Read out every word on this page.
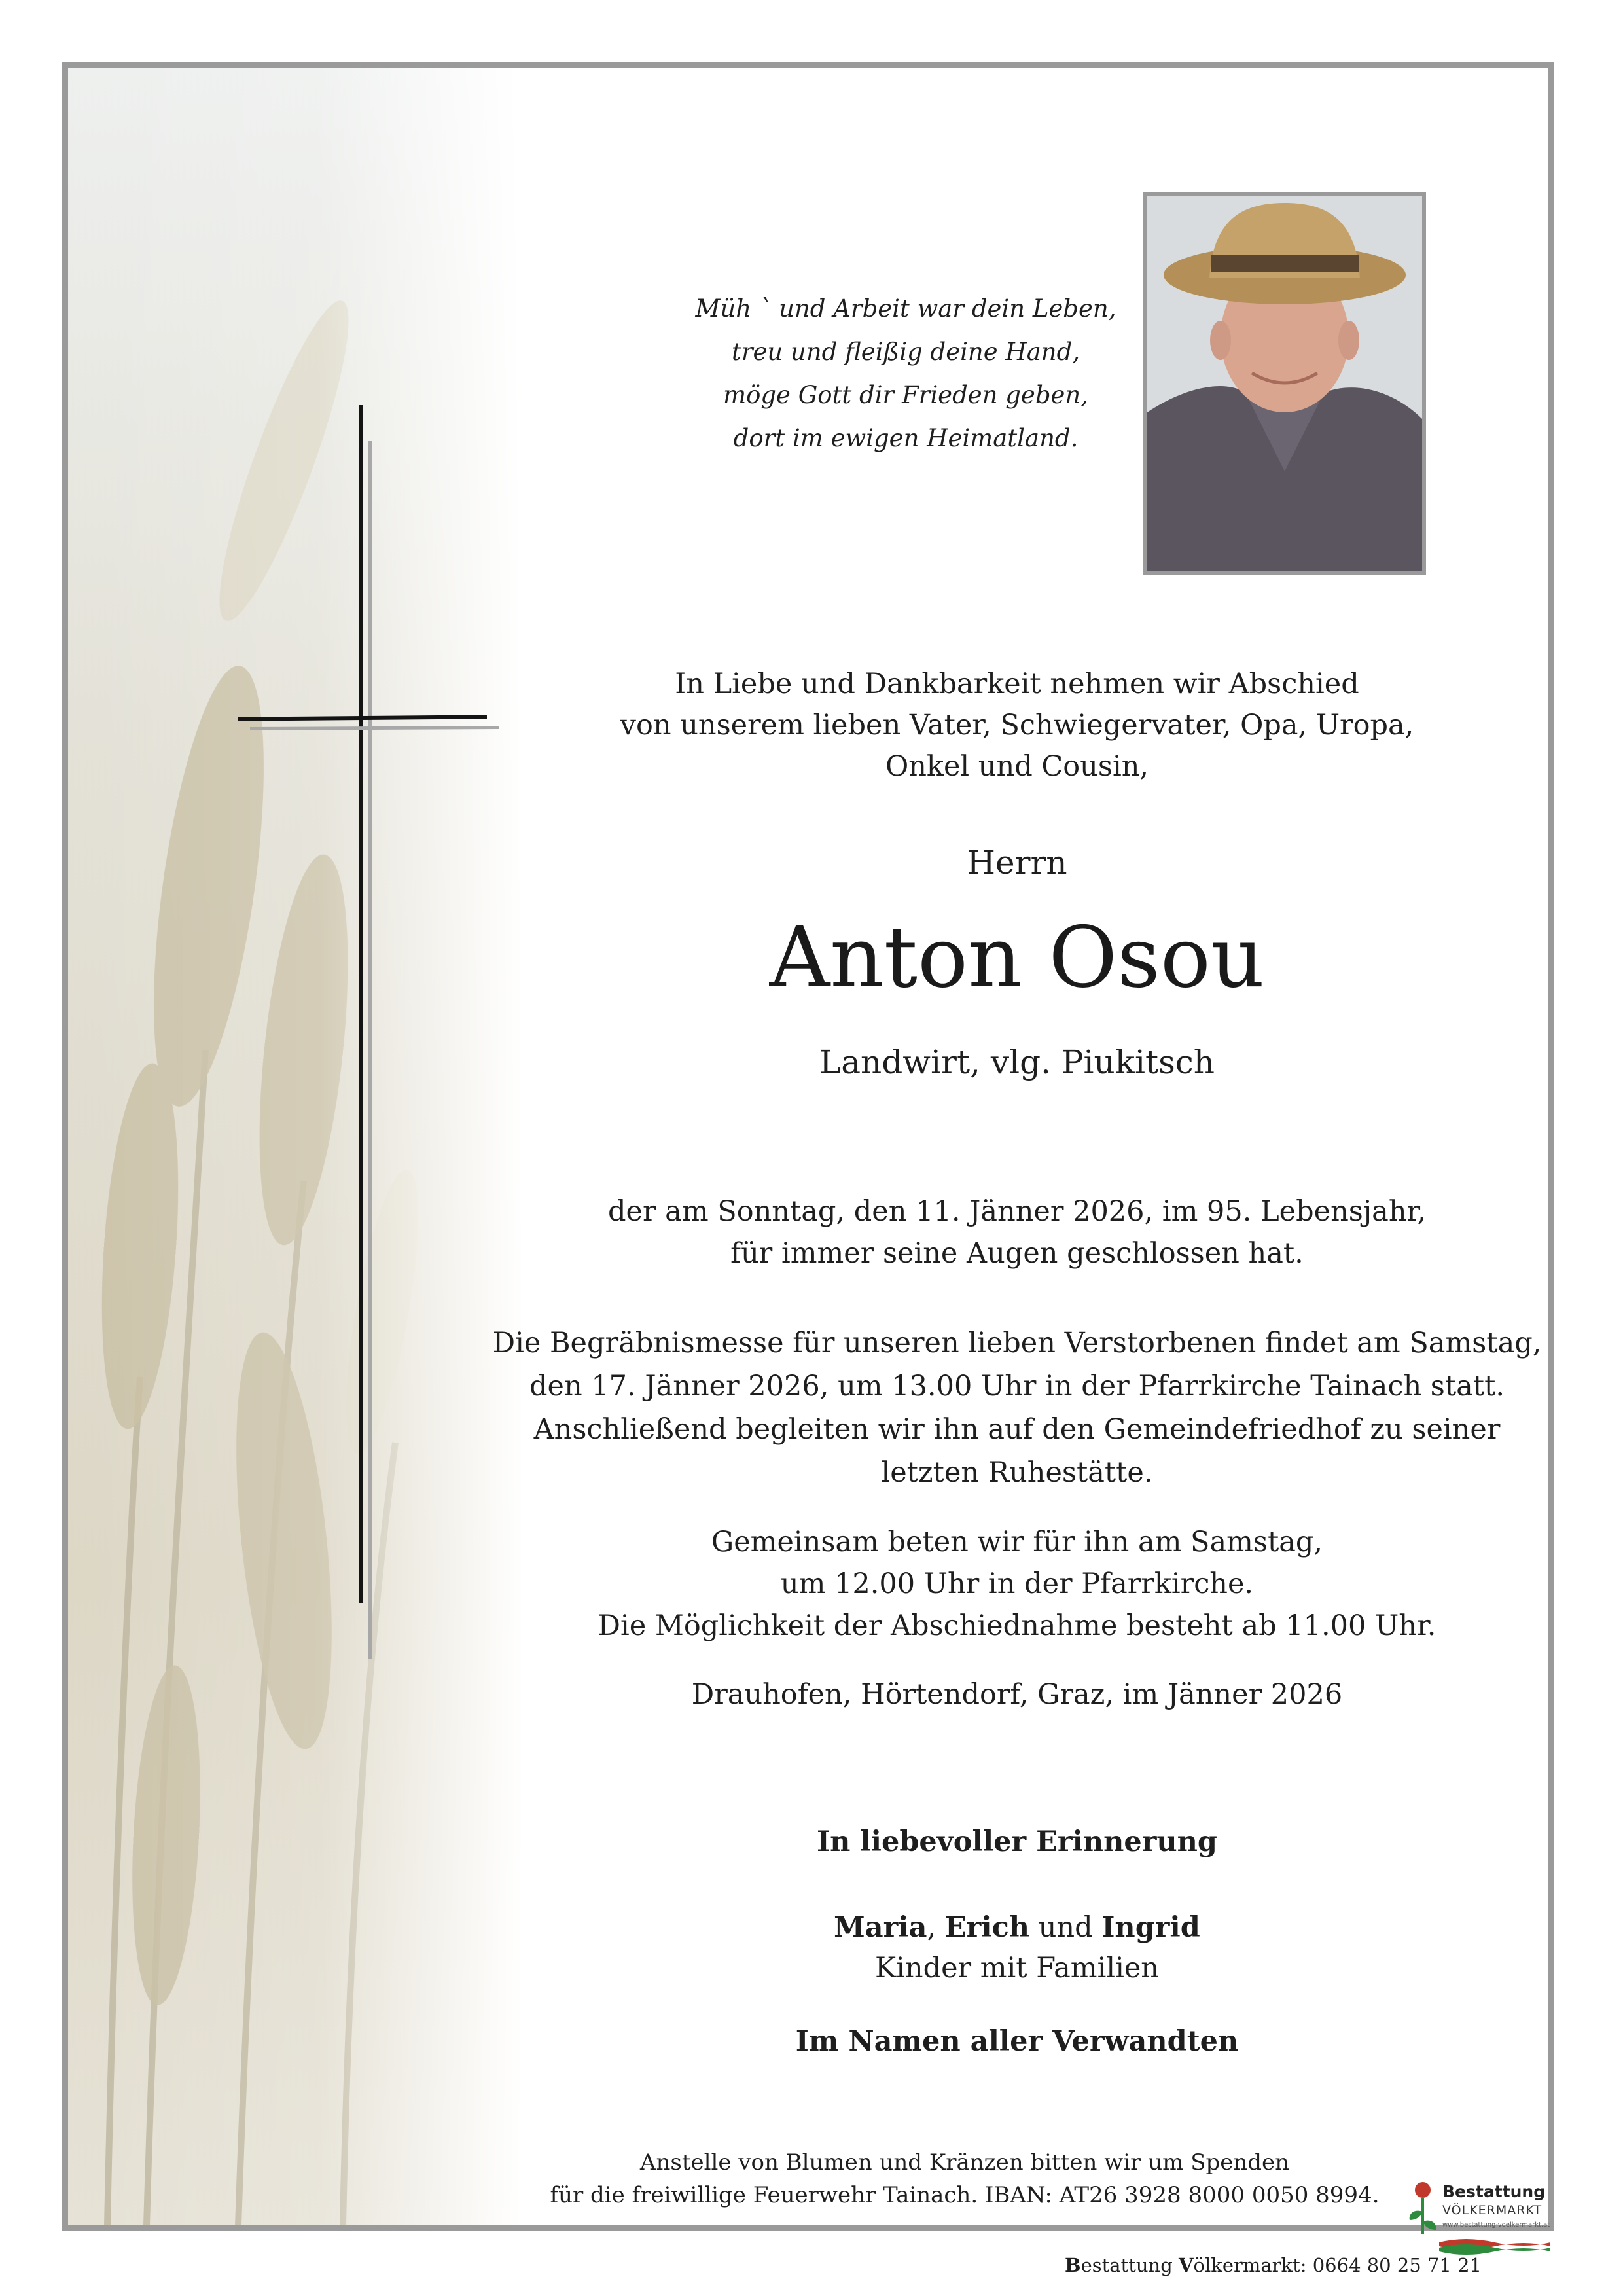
Müh ` und Arbeit war dein Leben,
treu und fleißig deine Hand,
möge Gott dir Frieden geben,
dort im ewigen Heimatland.
In Liebe und Dankbarkeit nehmen wir Abschied
von unserem lieben Vater, Schwiegervater, Opa, Uropa,
Onkel und Cousin,
Herrn
Anton Osou
Landwirt, vlg. Piukitsch
der am Sonntag, den 11. Jänner 2026, im 95. Lebensjahr,
für immer seine Augen geschlossen hat.
Die Begräbnismesse für unseren lieben Verstorbenen findet am Samstag,
den 17. Jänner 2026, um 13.00 Uhr in der Pfarrkirche Tainach statt.
Anschließend begleiten wir ihn auf den Gemeindefriedhof zu seiner
letzten Ruhestätte.
Gemeinsam beten wir für ihn am Samstag,
um 12.00 Uhr in der Pfarrkirche.
Die Möglichkeit der Abschiednahme besteht ab 11.00 Uhr.
Drauhofen, Hörtendorf, Graz, im Jänner 2026
In liebevoller Erinnerung
Maria, Erich und Ingrid
Kinder mit Familien
Im Namen aller Verwandten
Anstelle von Blumen und Kränzen bitten wir um Spenden
für die freiwillige Feuerwehr Tainach. IBAN: AT26 3928 8000 0050 8994.	Bestattung
VÖLKERMARKT
www.bestattung-voelkermarkt.at
Bestattung Völkermarkt: 0664 80 25 71 21
